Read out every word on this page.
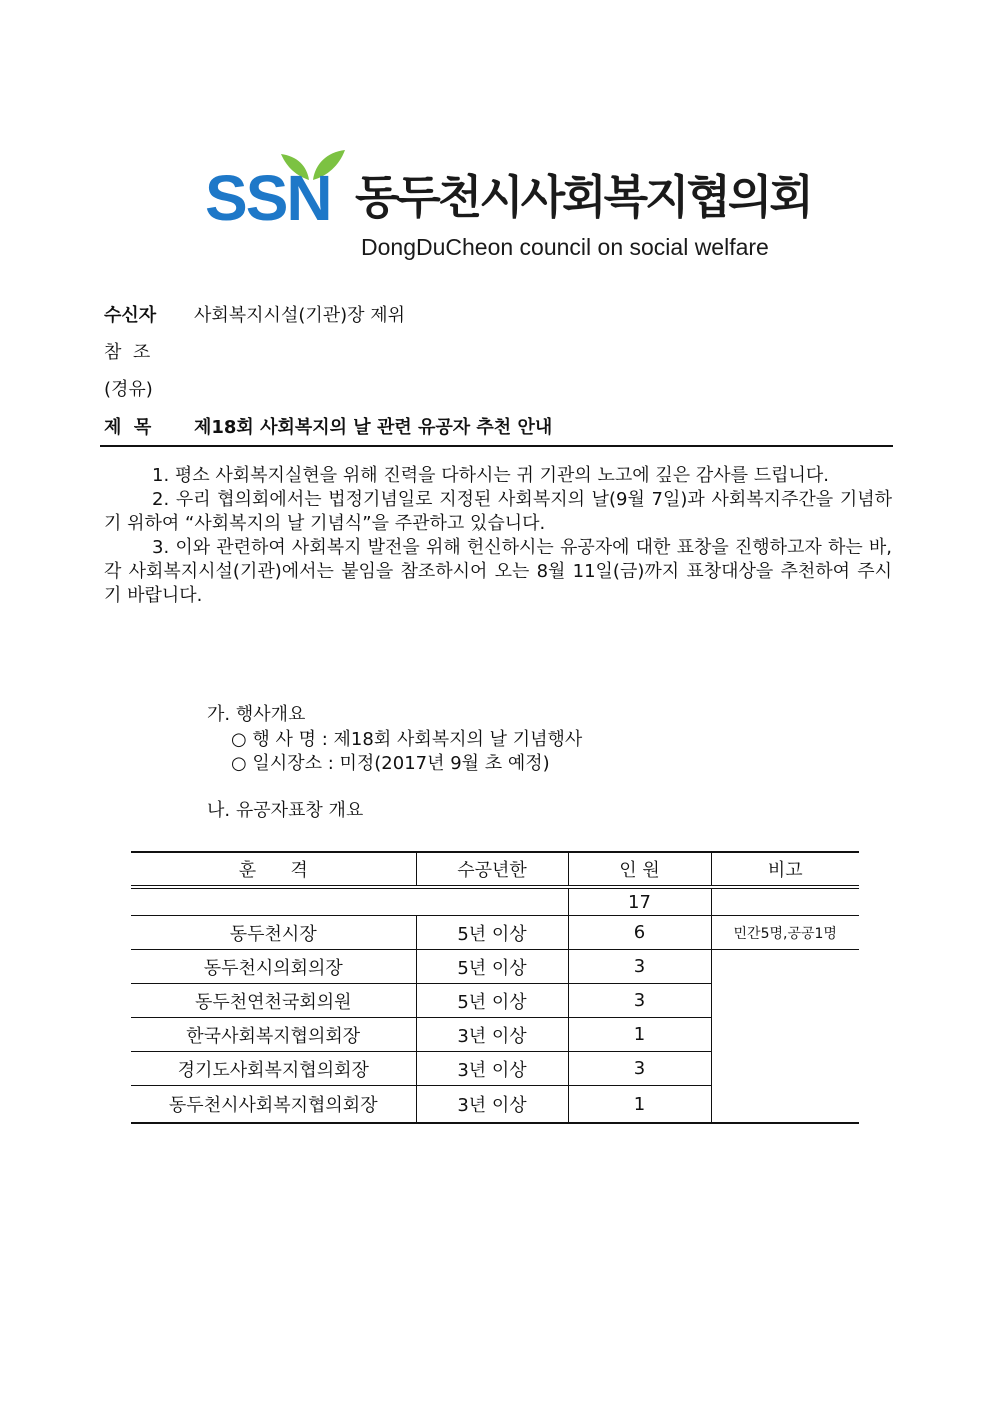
SSN 동두천시사회복지협의회
DongDuCheon council on social welfare
수신자 사회복지시설(기관)장 제위
참  조
(경유)
제  목 제18회 사회복지의 날 관련 유공자 추천 안내

1. 평소 사회복지실현을 위해 진력을 다하시는 귀 기관의 노고에 깊은 감사를 드립니다.

2. 우리 협의회에서는 법정기념일로 지정된 사회복지의 날(9월 7일)과 사회복지주간을 기념하기 위하여 “사회복지의 날 기념식”을 주관하고 있습니다.

3. 이와 관련하여 사회복지 발전을 위해 헌신하시는 유공자에 대한 표창을 진행하고자 하는 바, 각 사회복지시설(기관)에서는 붙임을 참조하시어 오는 8월 11일(금)까지 표창대상을 추천하여 주시기 바랍니다.

가. 행사개요
○ 행 사 명 : 제18회 사회복지의 날 기념행사
○ 일시장소 : 미정(2017년 9월 초 예정)
나. 유공자표창 개요
훈      격	수공년한	인 원	비고
		17	
동두천시장	5년 이상	6	민간5명,공공1명
동두천시의회의장	5년 이상	3	
동두천연천국회의원	5년 이상	3	
한국사회복지협의회장	3년 이상	1	
경기도사회복지협의회장	3년 이상	3	
동두천시사회복지협의회장	3년 이상	1	
